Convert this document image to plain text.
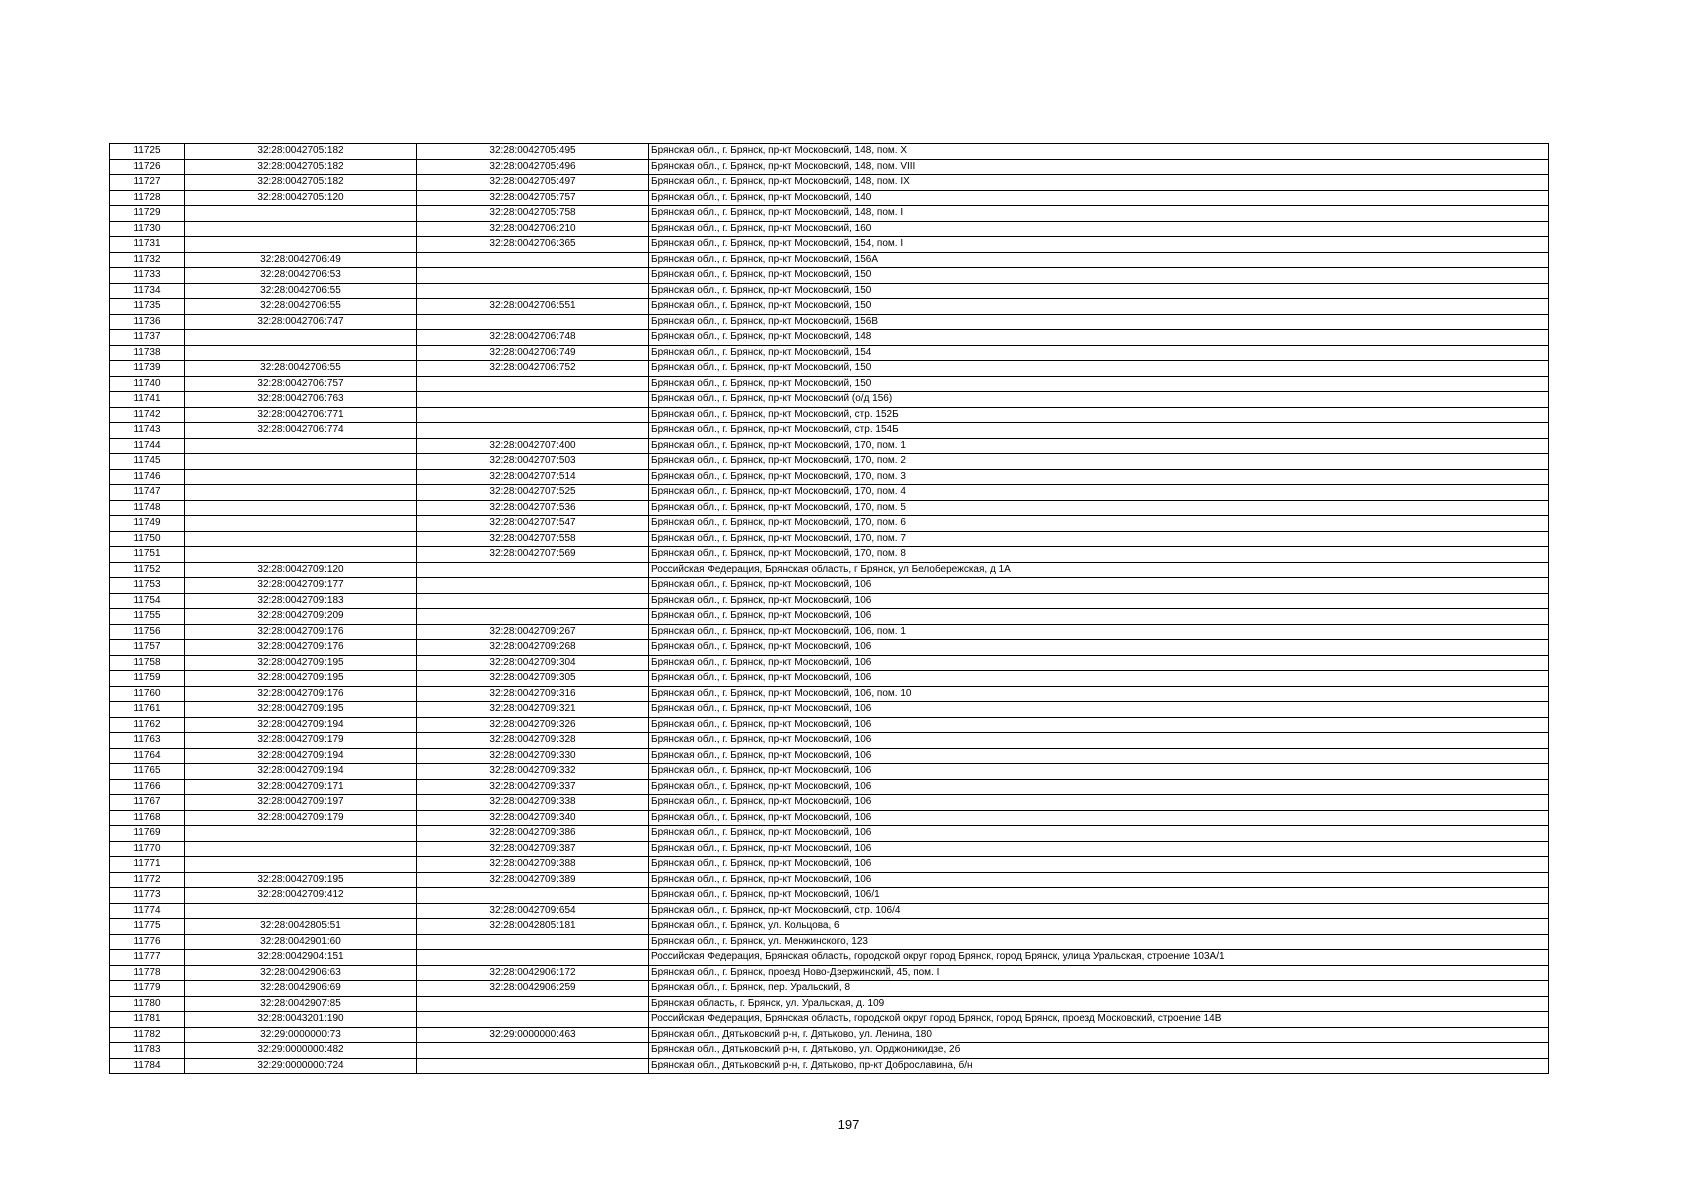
11725	32:28:0042705:182	32:28:0042705:495	Брянская обл., г. Брянск, пр-кт Московский, 148, пом. X
11726	32:28:0042705:182	32:28:0042705:496	Брянская обл., г. Брянск, пр-кт Московский, 148, пом. VIII
11727	32:28:0042705:182	32:28:0042705:497	Брянская обл., г. Брянск, пр-кт Московский, 148, пом. IX
11728	32:28:0042705:120	32:28:0042705:757	Брянская обл., г. Брянск, пр-кт Московский, 140
11729		32:28:0042705:758	Брянская обл., г. Брянск, пр-кт Московский, 148, пом. I
11730		32:28:0042706:210	Брянская обл., г. Брянск, пр-кт Московский, 160
11731		32:28:0042706:365	Брянская обл., г. Брянск, пр-кт Московский, 154, пом. I
11732	32:28:0042706:49		Брянская обл., г. Брянск, пр-кт Московский, 156А
11733	32:28:0042706:53		Брянская обл., г. Брянск, пр-кт Московский, 150
11734	32:28:0042706:55		Брянская обл., г. Брянск, пр-кт Московский, 150
11735	32:28:0042706:55	32:28:0042706:551	Брянская обл., г. Брянск, пр-кт Московский, 150
11736	32:28:0042706:747		Брянская обл., г. Брянск, пр-кт Московский, 156В
11737		32:28:0042706:748	Брянская обл., г. Брянск, пр-кт Московский, 148
11738		32:28:0042706:749	Брянская обл., г. Брянск, пр-кт Московский, 154
11739	32:28:0042706:55	32:28:0042706:752	Брянская обл., г. Брянск, пр-кт Московский, 150
11740	32:28:0042706:757		Брянская обл., г. Брянск, пр-кт Московский, 150
11741	32:28:0042706:763		Брянская обл., г. Брянск, пр-кт Московский (о/д 156)
11742	32:28:0042706:771		Брянская обл., г. Брянск, пр-кт Московский, стр. 152Б
11743	32:28:0042706:774		Брянская обл., г. Брянск, пр-кт Московский, стр. 154Б
11744		32:28:0042707:400	Брянская обл., г. Брянск, пр-кт Московский, 170, пом. 1
11745		32:28:0042707:503	Брянская обл., г. Брянск, пр-кт Московский, 170, пом. 2
11746		32:28:0042707:514	Брянская обл., г. Брянск, пр-кт Московский, 170, пом. 3
11747		32:28:0042707:525	Брянская обл., г. Брянск, пр-кт Московский, 170, пом. 4
11748		32:28:0042707:536	Брянская обл., г. Брянск, пр-кт Московский, 170, пом. 5
11749		32:28:0042707:547	Брянская обл., г. Брянск, пр-кт Московский, 170, пом. 6
11750		32:28:0042707:558	Брянская обл., г. Брянск, пр-кт Московский, 170, пом. 7
11751		32:28:0042707:569	Брянская обл., г. Брянск, пр-кт Московский, 170, пом. 8
11752	32:28:0042709:120		Российская Федерация, Брянская область, г Брянск, ул Белобережская, д 1А
11753	32:28:0042709:177		Брянская обл., г. Брянск, пр-кт Московский, 106
11754	32:28:0042709:183		Брянская обл., г. Брянск, пр-кт Московский, 106
11755	32:28:0042709:209		Брянская обл., г. Брянск, пр-кт Московский, 106
11756	32:28:0042709:176	32:28:0042709:267	Брянская обл., г. Брянск, пр-кт Московский, 106, пом. 1
11757	32:28:0042709:176	32:28:0042709:268	Брянская обл., г. Брянск, пр-кт Московский, 106
11758	32:28:0042709:195	32:28:0042709:304	Брянская обл., г. Брянск, пр-кт Московский, 106
11759	32:28:0042709:195	32:28:0042709:305	Брянская обл., г. Брянск, пр-кт Московский, 106
11760	32:28:0042709:176	32:28:0042709:316	Брянская обл., г. Брянск, пр-кт Московский, 106, пом. 10
11761	32:28:0042709:195	32:28:0042709:321	Брянская обл., г. Брянск, пр-кт Московский, 106
11762	32:28:0042709:194	32:28:0042709:326	Брянская обл., г. Брянск, пр-кт Московский, 106
11763	32:28:0042709:179	32:28:0042709:328	Брянская обл., г. Брянск, пр-кт Московский, 106
11764	32:28:0042709:194	32:28:0042709:330	Брянская обл., г. Брянск, пр-кт Московский, 106
11765	32:28:0042709:194	32:28:0042709:332	Брянская обл., г. Брянск, пр-кт Московский, 106
11766	32:28:0042709:171	32:28:0042709:337	Брянская обл., г. Брянск, пр-кт Московский, 106
11767	32:28:0042709:197	32:28:0042709:338	Брянская обл., г. Брянск, пр-кт Московский, 106
11768	32:28:0042709:179	32:28:0042709:340	Брянская обл., г. Брянск, пр-кт Московский, 106
11769		32:28:0042709:386	Брянская обл., г. Брянск, пр-кт Московский, 106
11770		32:28:0042709:387	Брянская обл., г. Брянск, пр-кт Московский, 106
11771		32:28:0042709:388	Брянская обл., г. Брянск, пр-кт Московский, 106
11772	32:28:0042709:195	32:28:0042709:389	Брянская обл., г. Брянск, пр-кт Московский, 106
11773	32:28:0042709:412		Брянская обл., г. Брянск, пр-кт Московский, 106/1
11774		32:28:0042709:654	Брянская обл., г. Брянск, пр-кт Московский, стр. 106/4
11775	32:28:0042805:51	32:28:0042805:181	Брянская обл., г. Брянск, ул. Кольцова, 6
11776	32:28:0042901:60		Брянская обл., г. Брянск, ул. Менжинского, 123
11777	32:28:0042904:151		Российская Федерация, Брянская область, городской округ город Брянск, город Брянск, улица Уральская, строение 103А/1
11778	32:28:0042906:63	32:28:0042906:172	Брянская обл., г. Брянск, проезд Ново-Дзержинский, 45, пом. I
11779	32:28:0042906:69	32:28:0042906:259	Брянская обл., г. Брянск, пер. Уральский, 8
11780	32:28:0042907:85		Брянская область, г. Брянск, ул. Уральская, д. 109
11781	32:28:0043201:190		Российская Федерация, Брянская область, городской округ город Брянск, город Брянск, проезд Московский, строение 14В
11782	32:29:0000000:73	32:29:0000000:463	Брянская обл., Дятьковский р-н, г. Дятьково, ул. Ленина, 180
11783	32:29:0000000:482		Брянская обл., Дятьковский р-н, г. Дятьково, ул. Орджоникидзе, 2б
11784	32:29:0000000:724		Брянская обл., Дятьковский р-н, г. Дятьково, пр-кт Доброславина, б/н
197
